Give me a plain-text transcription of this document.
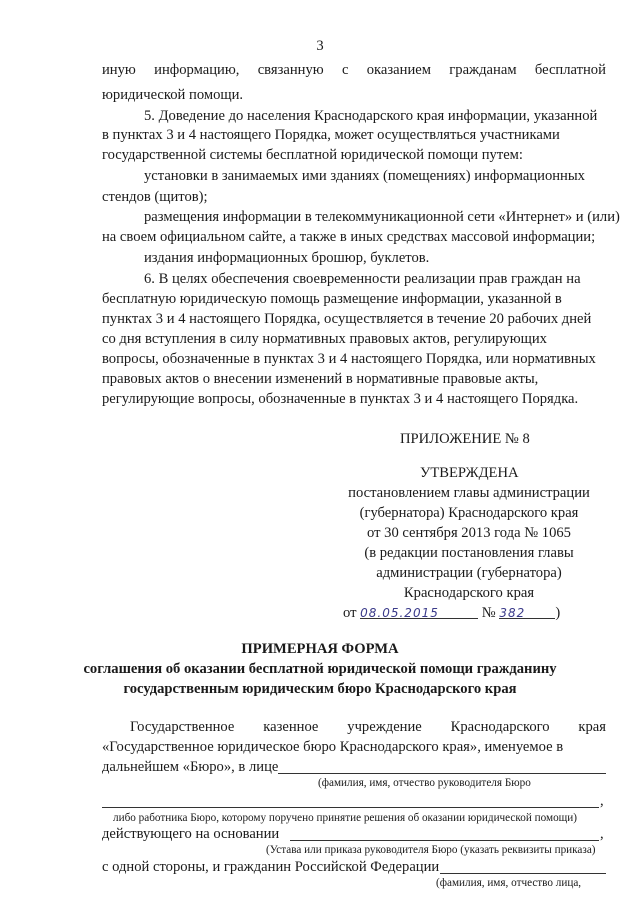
3
иную информацию, связанную с оказанием гражданам бесплатной
юридической помощи.
5. Доведение до населения Краснодарского края информации, указанной
в пунктах 3 и 4 настоящего Порядка, может осуществляться участниками
государственной системы бесплатной юридической помощи путем:
установки в занимаемых ими зданиях (помещениях) информационных
стендов (щитов);
размещения информации в телекоммуникационной сети «Интернет» и (или)
на своем официальном сайте, а также в иных средствах массовой информации;
издания информационных брошюр, буклетов.
6. В целях обеспечения своевременности реализации прав граждан на
бесплатную юридическую помощь размещение информации, указанной в
пунктах 3 и 4 настоящего Порядка, осуществляется в течение 20 рабочих дней
со дня вступления в силу нормативных правовых актов, регулирующих
вопросы, обозначенные в пунктах 3 и 4 настоящего Порядка, или нормативных
правовых актов о внесении изменений в нормативные правовые акты,
регулирующие вопросы, обозначенные в пунктах 3 и 4 настоящего Порядка.
ПРИЛОЖЕНИЕ № 8
УТВЕРЖДЕНА
постановлением главы администрации
(губернатора) Краснодарского края
от 30 сентября 2013 года № 1065
(в редакции постановления главы
администрации (губернатора)
Краснодарского края
от 08.05.2015	№ 382 )
ПРИМЕРНАЯ ФОРМА
соглашения об оказании бесплатной юридической помощи гражданину
государственным юридическим бюро Краснодарского края
Государственное казенное учреждение Краснодарского края
«Государственное юридическое бюро Краснодарского края», именуемое в
дальнейшем «Бюро», в лице
(фамилия, имя, отчество руководителя Бюро
,
либо работника Бюро, которому поручено принятие решения об оказании юридической помощи)
действующего на основании	,
(Устава или приказа руководителя Бюро (указать реквизиты приказа)
с одной стороны, и гражданин Российской Федерации
(фамилия, имя, отчество лица,
